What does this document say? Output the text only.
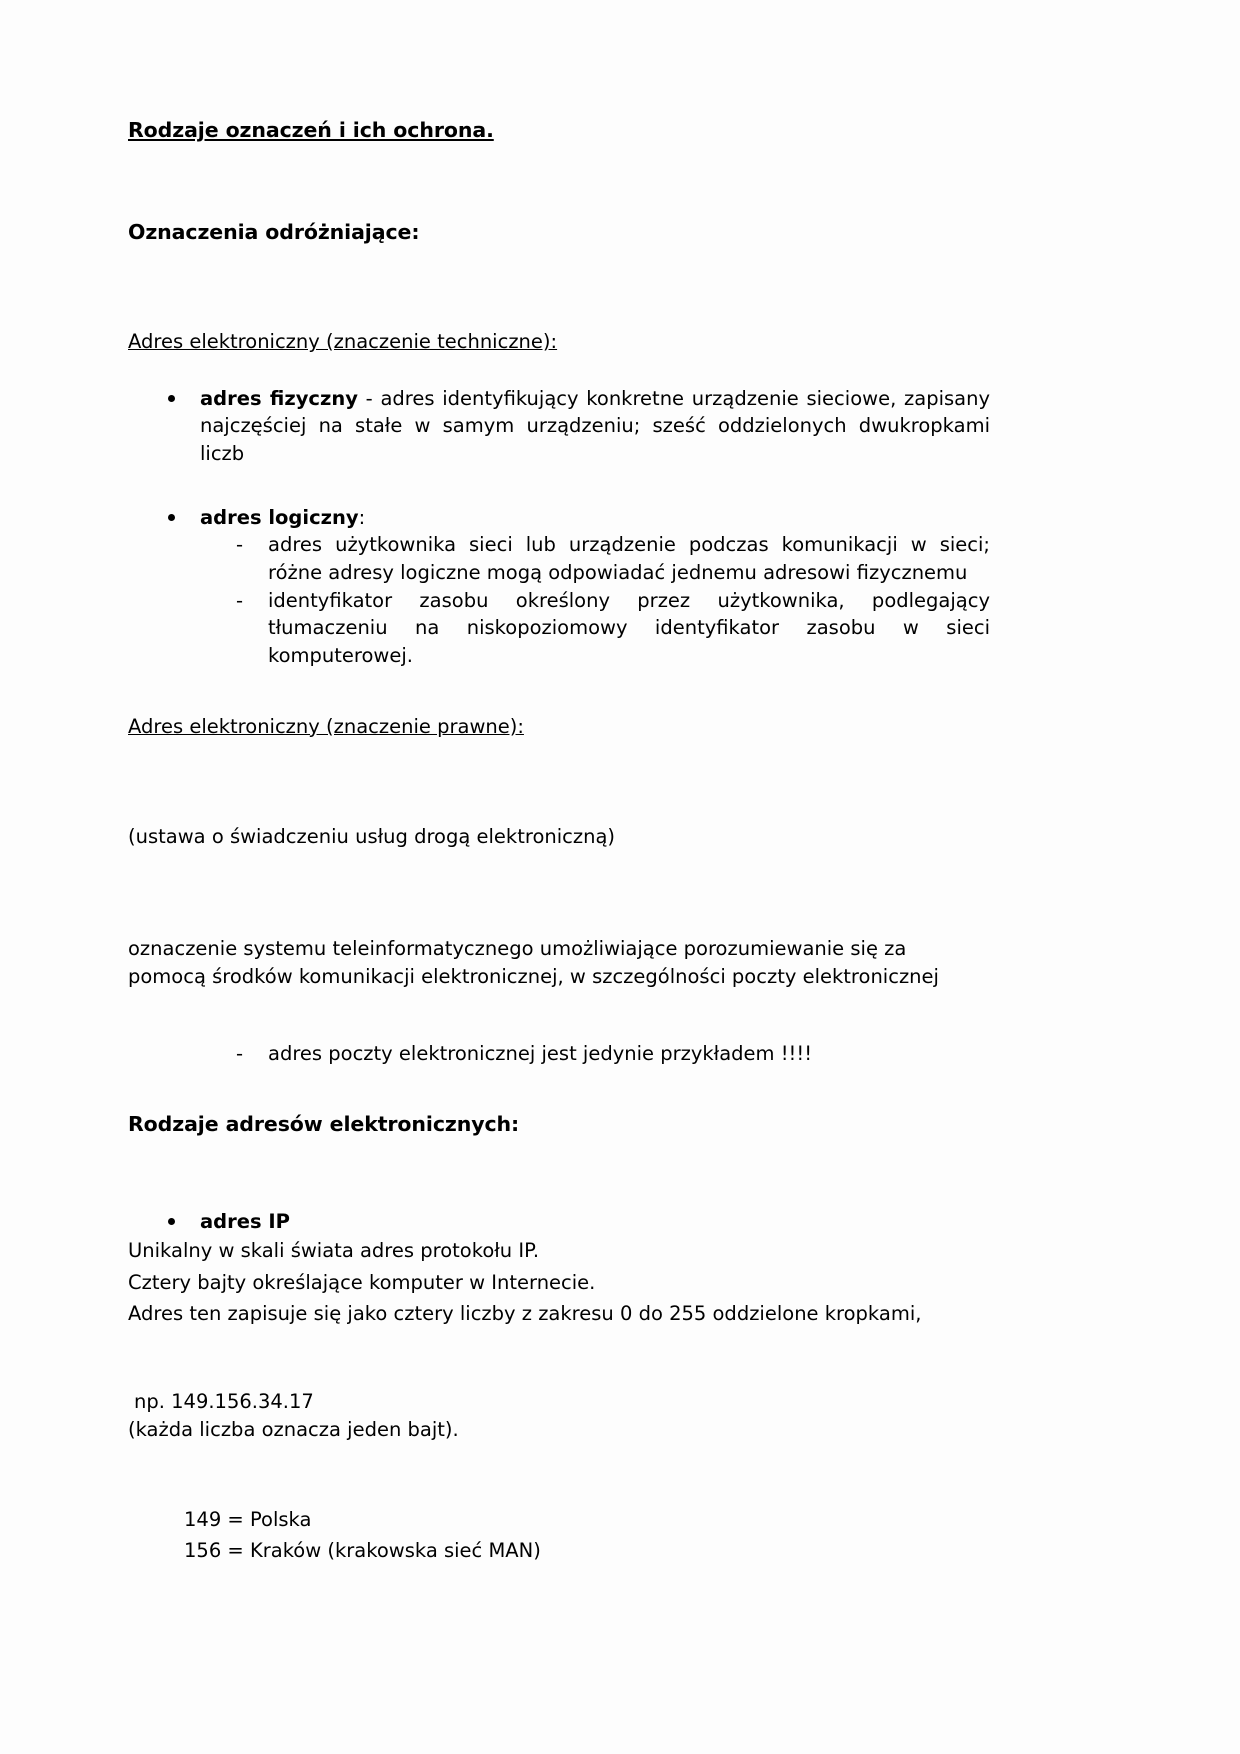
Rodzaje oznaczeń i ich ochrona.
Oznaczenia odróżniające:

Adres elektroniczny (znaczenie techniczne):

adres fizyczny - adres identyfikujący konkretne urządzenie sieciowe, zapisany najczęściej na stałe w samym urządzeniu; sześć oddzielonych dwukropkami liczb
adres logiczny:
- adres użytkownika sieci lub urządzenie podczas komunikacji w sieci; różne adresy logiczne mogą odpowiadać jednemu adresowi fizycznemu
- identyfikator zasobu określony przez użytkownika, podlegający tłumaczeniu na niskopoziomowy identyfikator zasobu w sieci komputerowej.

Adres elektroniczny (znaczenie prawne):

(ustawa o świadczeniu usług drogą elektroniczną)

oznaczenie systemu teleinformatycznego umożliwiające porozumiewanie się za pomocą środków komunikacji elektronicznej, w szczególności poczty elektronicznej

- adres poczty elektronicznej jest jedynie przykładem !!!!
Rodzaje adresów elektronicznych:
adres IP

Unikalny w skali świata adres protokołu IP.

Cztery bajty określające komputer w Internecie.

Adres ten zapisuje się jako cztery liczby z zakresu 0 do 255 oddzielone kropkami,

np. 149.156.34.17

(każda liczba oznacza jeden bajt).

149 = Polska

156 = Kraków (krakowska sieć MAN)
